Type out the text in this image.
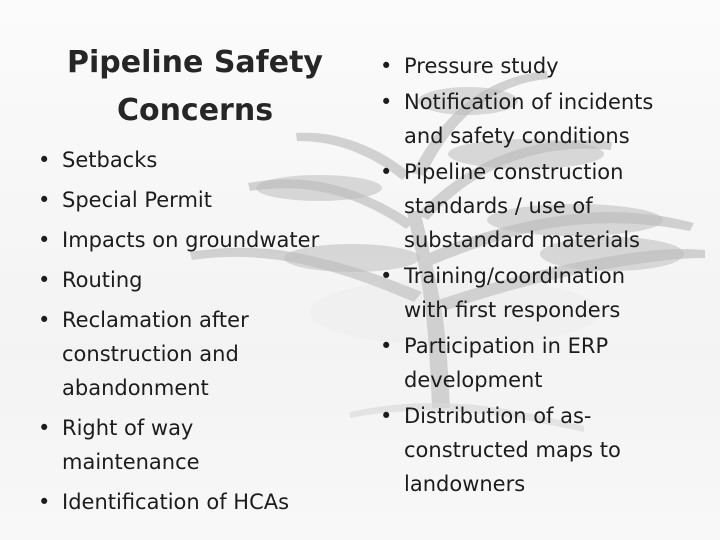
Pipeline Safety
Concerns
• Setbacks
• Special Permit
• Impacts on groundwater
• Routing
• Reclamation after
construction and
abandonment
• Right of way
maintenance
• Identification of HCAs
• Pressure study
• Notification of incidents
and safety conditions
• Pipeline construction
standards / use of
substandard materials
• Training/coordination
with first responders
• Participation in ERP
development
• Distribution of as-
constructed maps to
landowners
